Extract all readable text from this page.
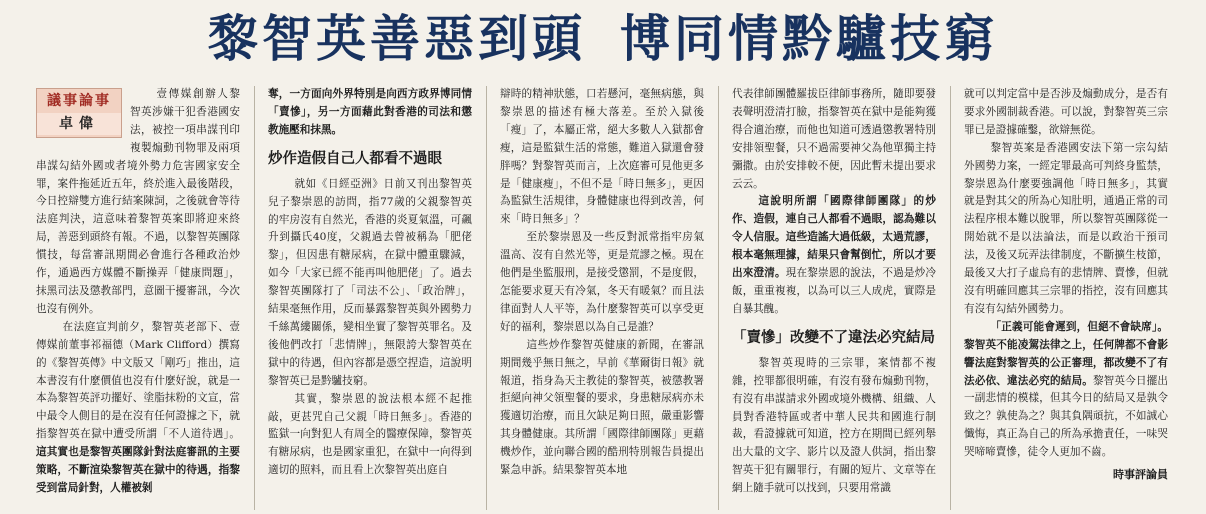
黎智英善惡到頭 博同情黔驢技窮
議事論事
卓偉

壹傳媒創辦人黎智英涉嫌干犯香港國安法，被控一項串謀刊印複製煽動刊物罪及兩項串謀勾結外國或者境外勢力危害國家安全罪，案件拖延近五年，終於進入最後階段，今日控辯雙方進行結案陳詞，之後就會等待法庭判決，這意味着黎智英案即將迎來終局，善惡到頭終有報。不過，以黎智英團隊慣技，每當審訊期間必會進行各種政治炒作，通過西方媒體不斷操弄「健康問題」，抹黑司法及懲教部門，意圖干擾審訊，今次也沒有例外。

在法庭宣判前夕，黎智英老部下、壹傳媒前董事祁福德（Mark Clifford）撰寫的《黎智英傳》中文版又「剛巧」推出，這本書沒有什麼價值也沒有什麼好說，就是一本為黎智英評功擺好、塗脂抹粉的文宣，當中最令人側目的是在沒有任何證據之下，就指黎智英在獄中遭受所謂「不人道待遇」。這其實也是黎智英團隊針對法庭審訊的主要策略，不斷渲染黎智英在獄中的待遇，指黎受到當局針對，人權被剝

奪，一方面向外界特別是向西方政界博同情「賣慘」，另一方面藉此對香港的司法和懲教施壓和抹黑。

炒作造假自己人都看不過眼

就如《日經亞洲》日前又刊出黎智英兒子黎崇恩的訪問，指77歲的父親黎智英的牢房沒有自然光，香港的炎夏氣溫，可飆升到攝氏40度，父親過去曾被稱為「肥佬黎」，但因患有糖尿病，在獄中體重驟減，如今「大家已經不能再叫他肥佬」了。過去黎智英團隊打了「司法不公」、「政治牌」，結果毫無作用，反而暴露黎智英與外國勢力千絲萬縷關係，變相坐實了黎智英罪名。及後他們改打「悲情牌」，無限誇大黎智英在獄中的待遇，但內容都是憑空捏造，這說明黎智英已是黔驢技窮。

其實，黎崇恩的說法根本經不起推敲，更甚咒自己父親「時日無多」。香港的監獄一向對犯人有周全的醫療保障，黎智英有糖尿病，也是國家重犯，在獄中一向得到適切的照料，而且看上次黎智英出庭自

辯時的精神狀態，口若懸河，毫無病態，與黎崇恩的描述有極大落差。至於入獄後「瘦」了，本屬正常，絕大多數人入獄都會瘦，這是監獄生活的常態，難道入獄還會發胖嗎？對黎智英而言，上次庭審可見他更多是「健康瘦」，不但不是「時日無多」，更因為監獄生活規律，身體健康也得到改善，何來「時日無多」？

至於黎崇恩及一些反對派常指牢房氣溫高、沒有自然光等，更是荒謬之極。現在他們是坐監服刑，是接受懲罰，不是度假，怎能要求夏天有冷氣，冬天有暖氣？而且法律面對人人平等，為什麼黎智英可以享受更好的福利，黎崇恩以為自己是誰？

這些炒作黎智英健康的新聞，在審訊期間幾乎無日無之，早前《華爾街日報》就報道，指身為天主教徒的黎智英，被懲教署拒絕向神父領聖餐的要求，身患糖尿病亦未獲適切治療，而且欠缺足夠日照，嚴重影響其身體健康。其所謂「國際律師團隊」更藉機炒作，並向聯合國的酷刑特別報告員提出緊急申訴。結果黎智英本地

代表律師團體羅拔臣律師事務所，隨即要發表聲明澄清打臉，指黎智英在獄中是能夠獲得合適治療，而他也知道可透過懲教署特別安排領聖餐，只不過需要神父為他單獨主持彌撒。由於安排較不便，因此暫未提出要求云云。

這說明所謂「國際律師團隊」的炒作、造假，連自己人都看不過眼，認為難以令人信服。這些造謠大過低級，太過荒謬，根本毫無理據，結果只會幫倒忙，所以才要出來澄清。現在黎崇恩的說法，不過是炒冷飯，重重複複，以為可以三人成虎，實際是自暴其醜。

「賣慘」改變不了違法必究結局

黎智英現時的三宗罪，案情都不複雜，控罪都很明確，有沒有發布煽動刊物，有沒有串謀請求外國或境外機構、組織、人員對香港特區或者中華人民共和國進行制裁，看證據就可知道，控方在期間已經列舉出大量的文字、影片以及證人供詞，指出黎智英干犯有關罪行，有關的短片、文章等在網上隨手就可以找到，只要用常識

就可以判定當中是否涉及煽動成分，是否有要求外國制裁香港。可以說，對黎智英三宗罪已是證據確鑿，欲辯無從。

黎智英案是香港國安法下第一宗勾結外國勢力案，一經定罪最高可判終身監禁，黎崇恩為什麼要強調他「時日無多」，其實就是對其父的所為心知肚明，通過正常的司法程序根本難以脫罪，所以黎智英團隊從一開始就不是以法論法，而是以政治干預司法，及後又玩弄法律制度，不斷擴生枝節，最後又大打子虛烏有的悲情牌、賣慘，但就沒有明確回應其三宗罪的指控，沒有回應其有沒有勾結外國勢力。

「正義可能會遲到，但絕不會缺席」。黎智英不能凌駕法律之上，任何牌都不會影響法庭對黎智英的公正審理，都改變不了有法必依、違法必究的結局。黎智英今日擺出一副悲情的模樣，但其今日的結局又是孰令致之？孰使為之？與其負隅頑抗，不如誠心懺悔，真正為自己的所為承擔責任，一味哭哭啼啼賣慘，徒令人更加不齒。

時事評論員
